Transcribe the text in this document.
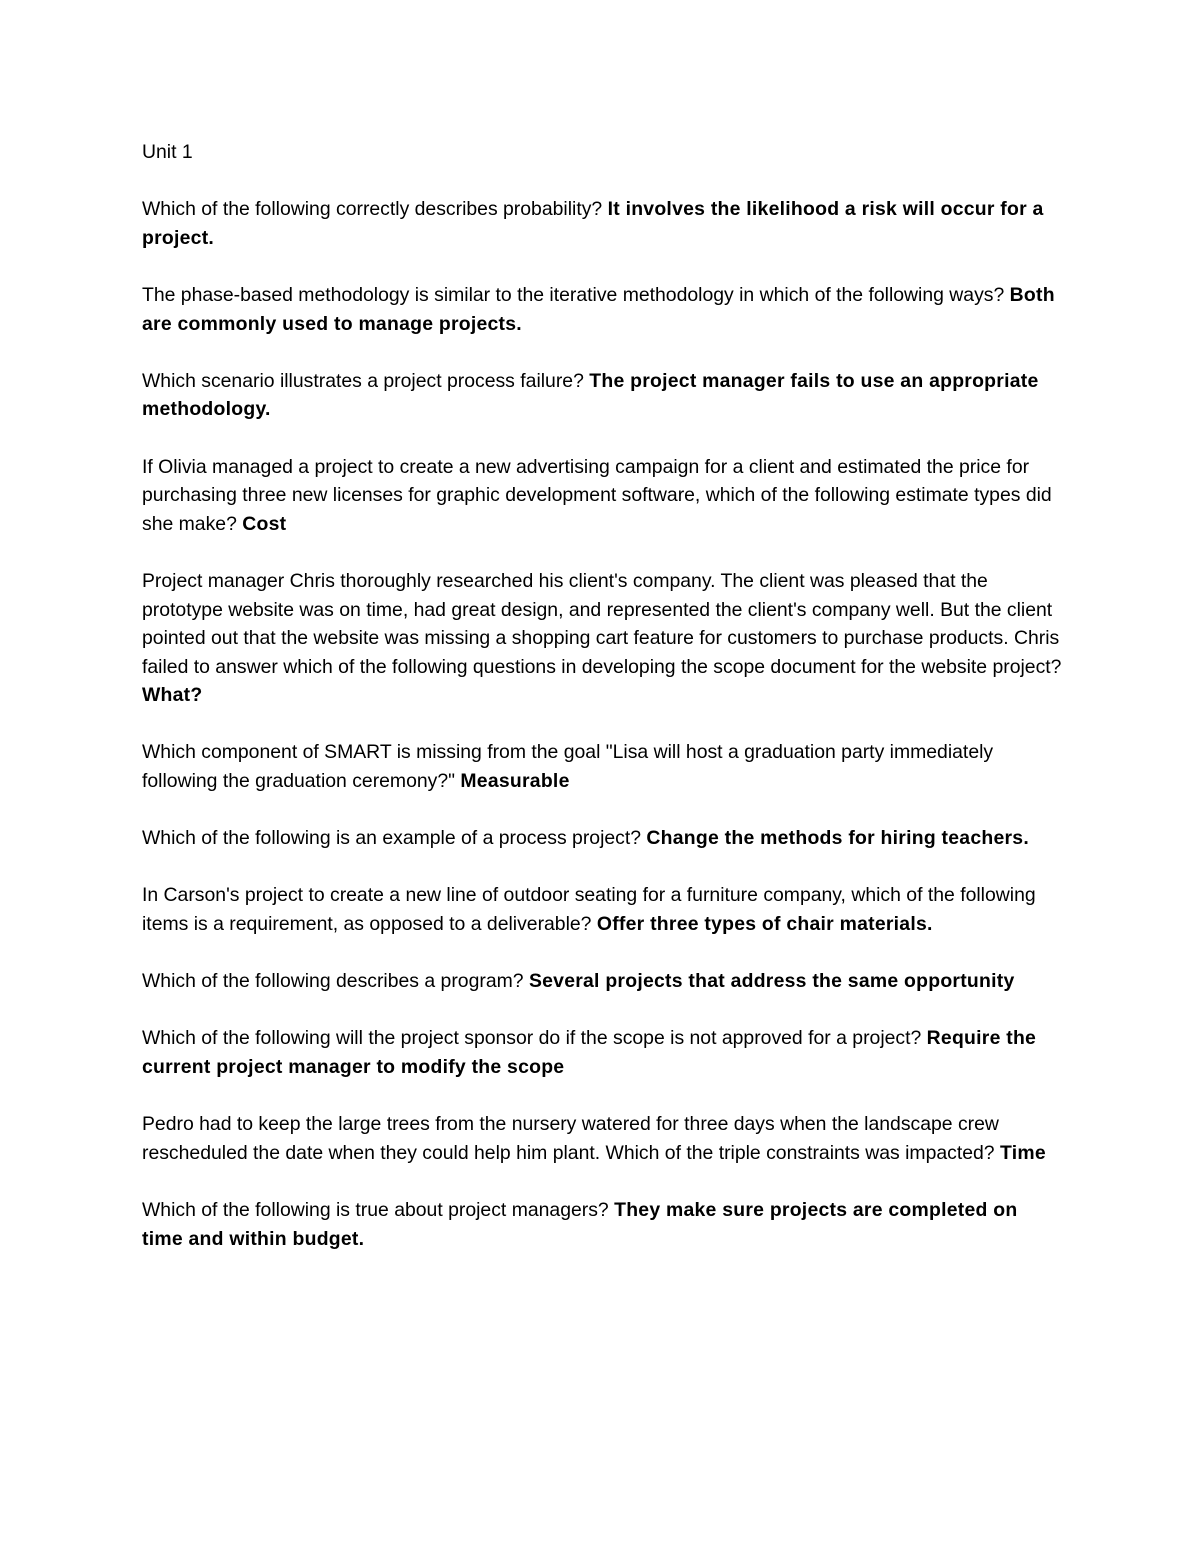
Unit 1

Which of the following correctly describes probability? It involves the likelihood a risk will occur for a project.

The phase-based methodology is similar to the iterative methodology in which of the following ways? Both are commonly used to manage projects.

Which scenario illustrates a project process failure? The project manager fails to use an appropriate methodology.

If Olivia managed a project to create a new advertising campaign for a client and estimated the price for purchasing three new licenses for graphic development software, which of the following estimate types did she make? Cost

Project manager Chris thoroughly researched his client's company. The client was pleased that the prototype website was on time, had great design, and represented the client's company well. But the client pointed out that the website was missing a shopping cart feature for customers to purchase products. Chris failed to answer which of the following questions in developing the scope document for the website project? What?

Which component of SMART is missing from the goal "Lisa will host a graduation party immediately following the graduation ceremony?" Measurable

Which of the following is an example of a process project? Change the methods for hiring teachers.

In Carson's project to create a new line of outdoor seating for a furniture company, which of the following items is a requirement, as opposed to a deliverable? Offer three types of chair materials.

Which of the following describes a program? Several projects that address the same opportunity

Which of the following will the project sponsor do if the scope is not approved for a project? Require the current project manager to modify the scope

Pedro had to keep the large trees from the nursery watered for three days when the landscape crew rescheduled the date when they could help him plant. Which of the triple constraints was impacted? Time

Which of the following is true about project managers? They make sure projects are completed on time and within budget.
